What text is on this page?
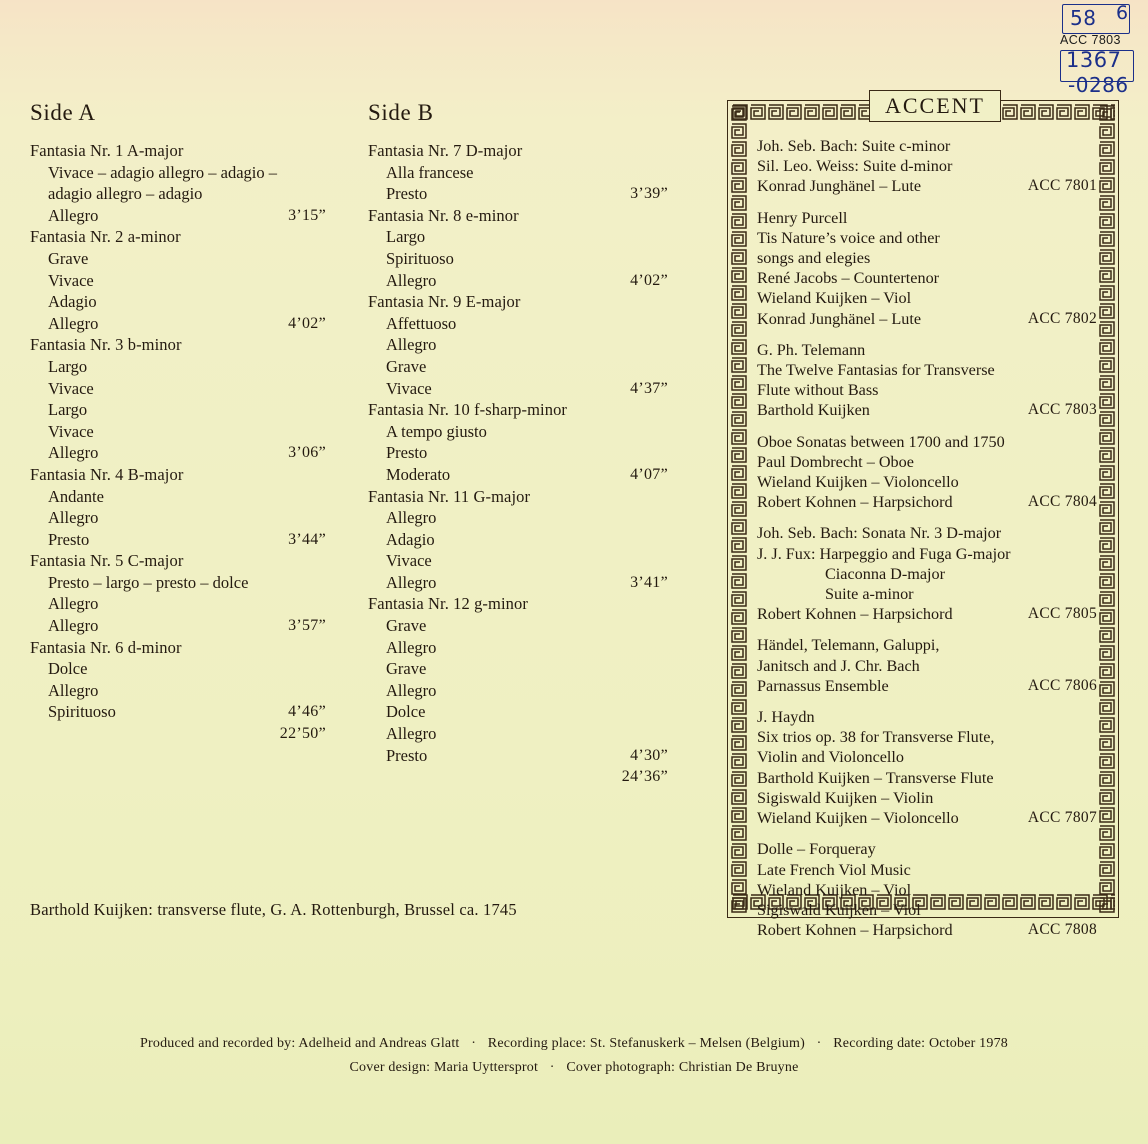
58 6
ACC 7803
1367
-0286
Side A
Fantasia Nr. 1 A-major
Vivace – adagio allegro – adagio –
adagio allegro – adagio
Allegro	3’15”
Fantasia Nr. 2 a-minor
Grave
Vivace
Adagio
Allegro	4’02”
Fantasia Nr. 3 b-minor
Largo
Vivace
Largo
Vivace
Allegro	3’06”
Fantasia Nr. 4 B-major
Andante
Allegro
Presto	3’44”
Fantasia Nr. 5 C-major
Presto – largo – presto – dolce
Allegro
Allegro	3’57”
Fantasia Nr. 6 d-minor
Dolce
Allegro
Spirituoso	4’46”
22’50”
Side B
Fantasia Nr. 7 D-major
Alla francese
Presto	3’39”
Fantasia Nr. 8 e-minor
Largo
Spirituoso
Allegro	4’02”
Fantasia Nr. 9 E-major
Affettuoso
Allegro
Grave
Vivace	4’37”
Fantasia Nr. 10 f-sharp-minor
A tempo giusto
Presto
Moderato	4’07”
Fantasia Nr. 11 G-major
Allegro
Adagio
Vivace
Allegro	3’41”
Fantasia Nr. 12 g-minor
Grave
Allegro
Grave
Allegro
Dolce
Allegro
Presto	4’30”
24’36”
Barthold Kuijken: transverse flute, G. A. Rottenburgh, Brussel ca. 1745
ACCENT
Joh. Seb. Bach: Suite c-minor
Sil. Leo. Weiss: Suite d-minor
Konrad Junghänel – Lute	ACC 7801
Henry Purcell
Tis Nature’s voice and other
songs and elegies
René Jacobs – Countertenor
Wieland Kuijken – Viol
Konrad Junghänel – Lute	ACC 7802
G. Ph. Telemann
The Twelve Fantasias for Transverse
Flute without Bass
Barthold Kuijken	ACC 7803
Oboe Sonatas between 1700 and 1750
Paul Dombrecht – Oboe
Wieland Kuijken – Violoncello
Robert Kohnen – Harpsichord	ACC 7804
Joh. Seb. Bach: Sonata Nr. 3 D-major
J. J. Fux: Harpeggio and Fuga G-major
Ciaconna D-major
Suite a-minor
Robert Kohnen – Harpsichord	ACC 7805
Händel, Telemann, Galuppi,
Janitsch and J. Chr. Bach
Parnassus Ensemble	ACC 7806
J. Haydn
Six trios op. 38 for Transverse Flute,
Violin and Violoncello
Barthold Kuijken – Transverse Flute
Sigiswald Kuijken – Violin
Wieland Kuijken – Violoncello	ACC 7807
Dolle – Forqueray
Late French Viol Music
Wieland Kuijken – Viol
Sigiswald Kuijken – Viol
Robert Kohnen – Harpsichord	ACC 7808
Produced and recorded by: Adelheid and Andreas Glatt · Recording place: St. Stefanuskerk – Melsen (Belgium) · Recording date: October 1978
Cover design: Maria Uyttersprot · Cover photograph: Christian De Bruyne
